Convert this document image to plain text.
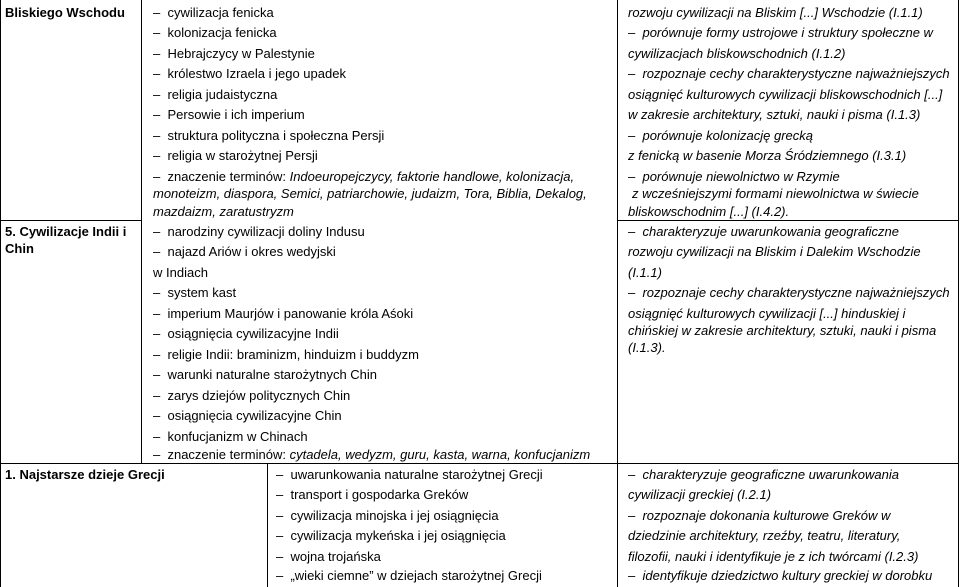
Bliskiego Wschodu	–  cywilizacja fenicka
–  kolonizacja fenicka
–  Hebrajczycy w Palestynie
–  królestwo Izraela i jego upadek
–  religia judaistyczna
–  Persowie i ich imperium
–  struktura polityczna i społeczna Persji
–  religia w starożytnej Persji
–  znaczenie terminów: Indoeuropejczycy, faktorie handlowe, kolonizacja,
monoteizm, diaspora, Semici, patriarchowie, judaizm, Tora, Biblia, Dekalog,
mazdaizm, zaratustryzm
rozwoju cywilizacji na Bliskim [...] Wschodzie (I.1.1)
–  porównuje formy ustrojowe i struktury społeczne w
cywilizacjach bliskowschodnich (I.1.2)
–  rozpoznaje cechy charakterystyczne najważniejszych
osiągnięć kulturowych cywilizacji bliskowschodnich [...]
w zakresie architektury, sztuki, nauki i pisma (I.1.3)
–  porównuje kolonizację grecką
z fenicką w basenie Morza Śródziemnego (I.3.1)
–  porównuje niewolnictwo w Rzymie
z wcześniejszymi formami niewolnictwa w świecie
bliskowschodnim [...] (I.4.2).
5. Cywilizacje Indii i
Chin
–  narodziny cywilizacji doliny Indusu
–  najazd Ariów i okres wedyjski
w Indiach
–  system kast
–  imperium Maurjów i panowanie króla Aśoki
–  osiągnięcia cywilizacyjne Indii
–  religie Indii: braminizm, hinduizm i buddyzm
–  warunki naturalne starożytnych Chin
–  zarys dziejów politycznych Chin
–  osiągnięcia cywilizacyjne Chin
–  konfucjanizm w Chinach
–  znaczenie terminów: cytadela, wedyzm, guru, kasta, warna, konfucjanizm
–  charakteryzuje uwarunkowania geograficzne
rozwoju cywilizacji na Bliskim i Dalekim Wschodzie
(I.1.1)
–  rozpoznaje cechy charakterystyczne najważniejszych
osiągnięć kulturowych cywilizacji [...] hinduskiej i
chińskiej w zakresie architektury, sztuki, nauki i pisma
(I.1.3).
1. Najstarsze dzieje Grecji	–  uwarunkowania naturalne starożytnej Grecji
–  transport i gospodarka Greków
–  cywilizacja minojska i jej osiągnięcia
–  cywilizacja mykeńska i jej osiągnięcia
–  wojna trojańska
–  „wieki ciemne” w dziejach starożytnej Grecji
–  charakteryzuje geograficzne uwarunkowania
cywilizacji greckiej (I.2.1)
–  rozpoznaje dokonania kulturowe Greków w
dziedzinie architektury, rzeźby, teatru, literatury,
filozofii, nauki i identyfikuje je z ich twórcami (I.2.3)
–  identyfikuje dziedzictwo kultury greckiej w dorobku
